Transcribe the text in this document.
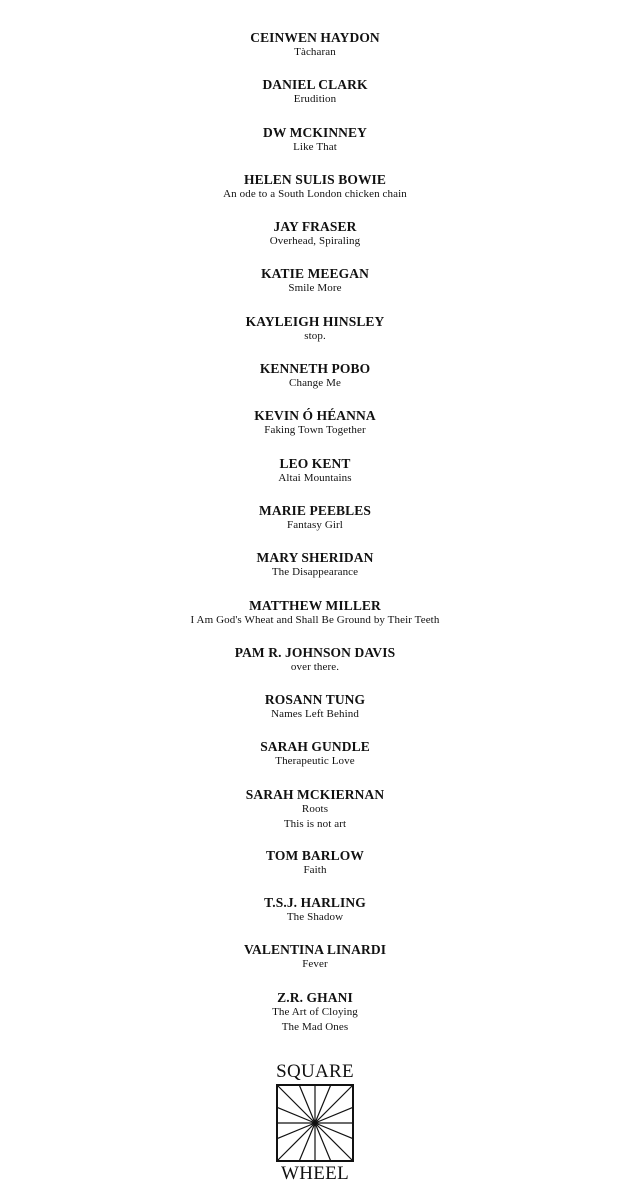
CEINWEN HAYDON
Tàcharan
DANIEL CLARK
Erudition
DW MCKINNEY
Like That
HELEN SULIS BOWIE
An ode to a South London chicken chain
JAY FRASER
Overhead, Spiraling
KATIE MEEGAN
Smile More
KAYLEIGH HINSLEY
stop.
KENNETH POBO
Change Me
KEVIN Ó HÉANNA
Faking Town Together
LEO KENT
Altai Mountains
MARIE PEEBLES
Fantasy Girl
MARY SHERIDAN
The Disappearance
MATTHEW MILLER
I Am God's Wheat and Shall Be Ground by Their Teeth
PAM R. JOHNSON DAVIS
over there.
ROSANN TUNG
Names Left Behind
SARAH GUNDLE
Therapeutic Love
SARAH MCKIERNAN
Roots
This is not art
TOM BARLOW
Faith
T.S.J. HARLING
The Shadow
VALENTINA LINARDI
Fever
Z.R. GHANI
The Art of Cloying
The Mad Ones
SQUARE
WHEEL
